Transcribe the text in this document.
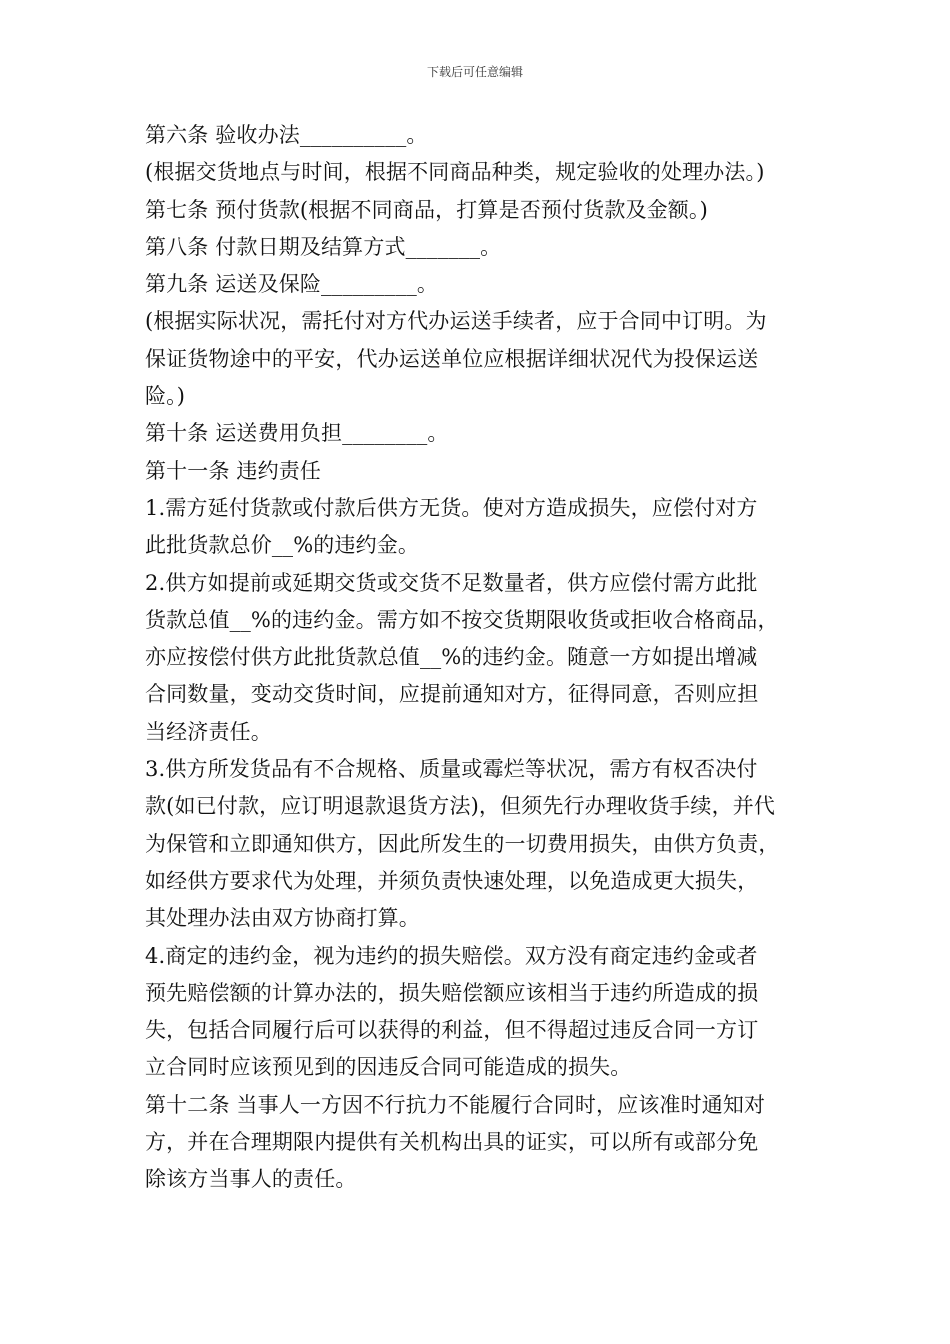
下载后可任意编辑

第六条 验收办法__________。

(根据交货地点与时间，根据不同商品种类，规定验收的处理办法。)

第七条 预付货款(根据不同商品，打算是否预付货款及金额。)

第八条 付款日期及结算方式_______。

第九条 运送及保险_________。

(根据实际状况，需托付对方代办运送手续者，应于合同中订明。为

保证货物途中的平安，代办运送单位应根据详细状况代为投保运送

险。)

第十条 运送费用负担________。

第十一条 违约责任

1.需方延付货款或付款后供方无货。使对方造成损失，应偿付对方

此批货款总价__%的违约金。

2.供方如提前或延期交货或交货不足数量者，供方应偿付需方此批

货款总值__%的违约金。需方如不按交货期限收货或拒收合格商品，

亦应按偿付供方此批货款总值__%的违约金。随意一方如提出增减

合同数量，变动交货时间，应提前通知对方，征得同意，否则应担

当经济责任。

3.供方所发货品有不合规格、质量或霉烂等状况，需方有权否决付

款(如已付款，应订明退款退货方法)，但须先行办理收货手续，并代

为保管和立即通知供方，因此所发生的一切费用损失，由供方负责，

如经供方要求代为处理，并须负责快速处理，以免造成更大损失，

其处理办法由双方协商打算。

4.商定的违约金，视为违约的损失赔偿。双方没有商定违约金或者

预先赔偿额的计算办法的，损失赔偿额应该相当于违约所造成的损

失，包括合同履行后可以获得的利益，但不得超过违反合同一方订

立合同时应该预见到的因违反合同可能造成的损失。

第十二条 当事人一方因不行抗力不能履行合同时，应该准时通知对

方，并在合理期限内提供有关机构出具的证实，可以所有或部分免

除该方当事人的责任。
